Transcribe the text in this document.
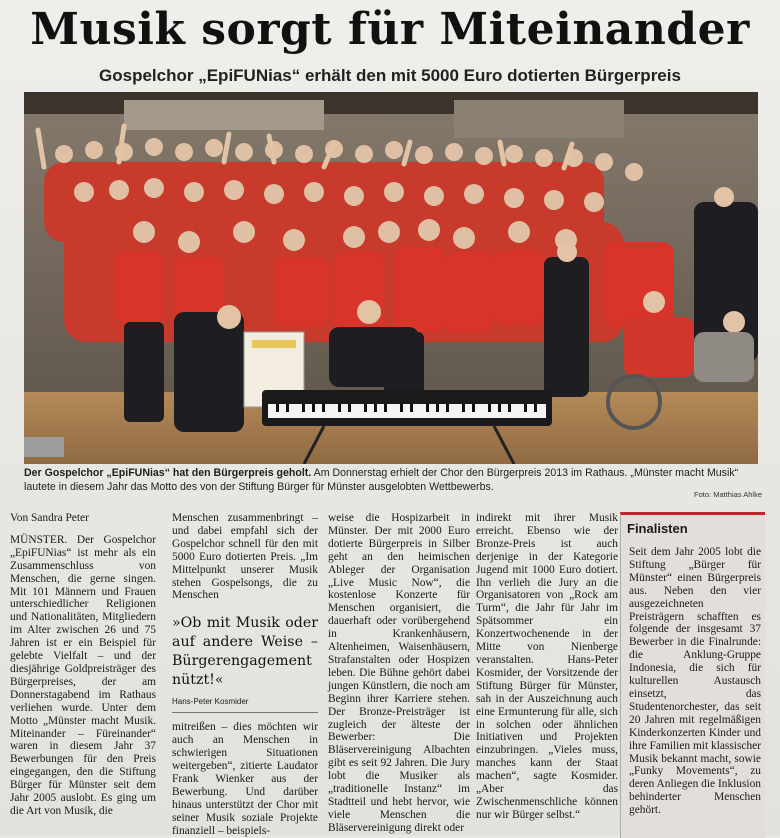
Musik sorgt für Miteinander
Gospelchor „EpiFUNias“ erhält den mit 5000 Euro dotierten Bürgerpreis
Der Gospelchor „EpiFUNias“ hat den Bürgerpreis geholt. Am Donnerstag erhielt der Chor den Bürgerpreis 2013 im Rathaus. „Münster macht Musik“ lautete in diesem Jahr das Motto des von der Stiftung Bürger für Münster ausgelobten Wettbewerbs.
Foto: Matthias Ahlke

Von Sandra Peter

MÜNSTER. Der Gospelchor „EpiFUNias“ ist mehr als ein Zusammenschluss von Menschen, die gerne singen. Mit 101 Männern und Frauen unterschiedlicher Religionen und Nationalitäten, Mitgliedern im Alter zwischen 26 und 75 Jahren ist er ein Beispiel für gelebte Vielfalt – und der diesjährige Goldpreisträger des Bürgerpreises, der am Donnerstagabend im Rathaus verliehen wurde. Unter dem Motto „Münster macht Musik. Miteinander – Füreinander“ waren in diesem Jahr 37 Bewerbungen für den Preis eingegangen, den die Stiftung Bürger für Münster seit dem Jahr 2005 auslobt. Es ging um die Art von Musik, die

Menschen zusammenbringt – und dabei empfahl sich der Gospelchor schnell für den mit 5000 Euro dotierten Preis. „Im Mittelpunkt unserer Musik stehen Gospelsongs, die zu Menschen

»Ob mit Musik oder auf andere Weise – Bürgerengagement nützt!«
Hans-Peter Kosmider

mitreißen – dies möchten wir auch an Menschen in schwierigen Situationen weitergeben“, zitierte Laudator Frank Wienker aus der Bewerbung. Und darüber hinaus unterstützt der Chor mit seiner Musik soziale Projekte finanziell – beispiels-

weise die Hospizarbeit in Münster. Der mit 2000 Euro dotierte Bürgerpreis in Silber geht an den heimischen Ableger der Organisation „Live Music Now“, die kostenlose Konzerte für Menschen organisiert, die dauerhaft oder vorübergehend in Krankenhäusern, Altenheimen, Waisenhäusern, Strafanstalten oder Hospizen leben. Die Bühne gehört dabei jungen Künstlern, die noch am Beginn ihrer Karriere stehen. Der Bronze-Preisträger ist zugleich der älteste der Bewerber: Die Bläservereinigung Albachten gibt es seit 92 Jahren. Die Jury lobt die Musiker als „traditionelle Instanz“ im Stadtteil und hebt hervor, wie viele Menschen die Bläservereinigung direkt oder

indirekt mit ihrer Musik erreicht. Ebenso wie der Bronze-Preis ist auch derjenige in der Kategorie Jugend mit 1000 Euro dotiert. Ihn verlieh die Jury an die Organisatoren von „Rock am Turm“, die Jahr für Jahr im Spätsommer ein Konzertwochenende in der Mitte von Nienberge veranstalten. Hans-Peter Kosmider, der Vorsitzende der Stiftung Bürger für Münster, sah in der Auszeichnung auch eine Ermunterung für alle, sich in solchen oder ähnlichen Initiativen und Projekten einzubringen. „Vieles muss, manches kann der Staat machen“, sagte Kosmider. „Aber das Zwischenmenschliche können nur wir Bürger selbst.“

Finalisten
Seit dem Jahr 2005 lobt die Stiftung „Bürger für Münster“ einen Bürgerpreis aus. Neben den vier ausgezeichneten Preisträgern schafften es folgende der insgesamt 37 Bewerber in die Finalrunde: die Anklung-Gruppe Indonesia, die sich für kulturellen Austausch einsetzt, das Studentenorchester, das seit 20 Jahren mit regelmäßigen Kinderkonzerten Kinder und ihre Familien mit klassischer Musik bekannt macht, sowie „Funky Movements“, zu deren Anliegen die Inklusion behinderter Menschen gehört.
